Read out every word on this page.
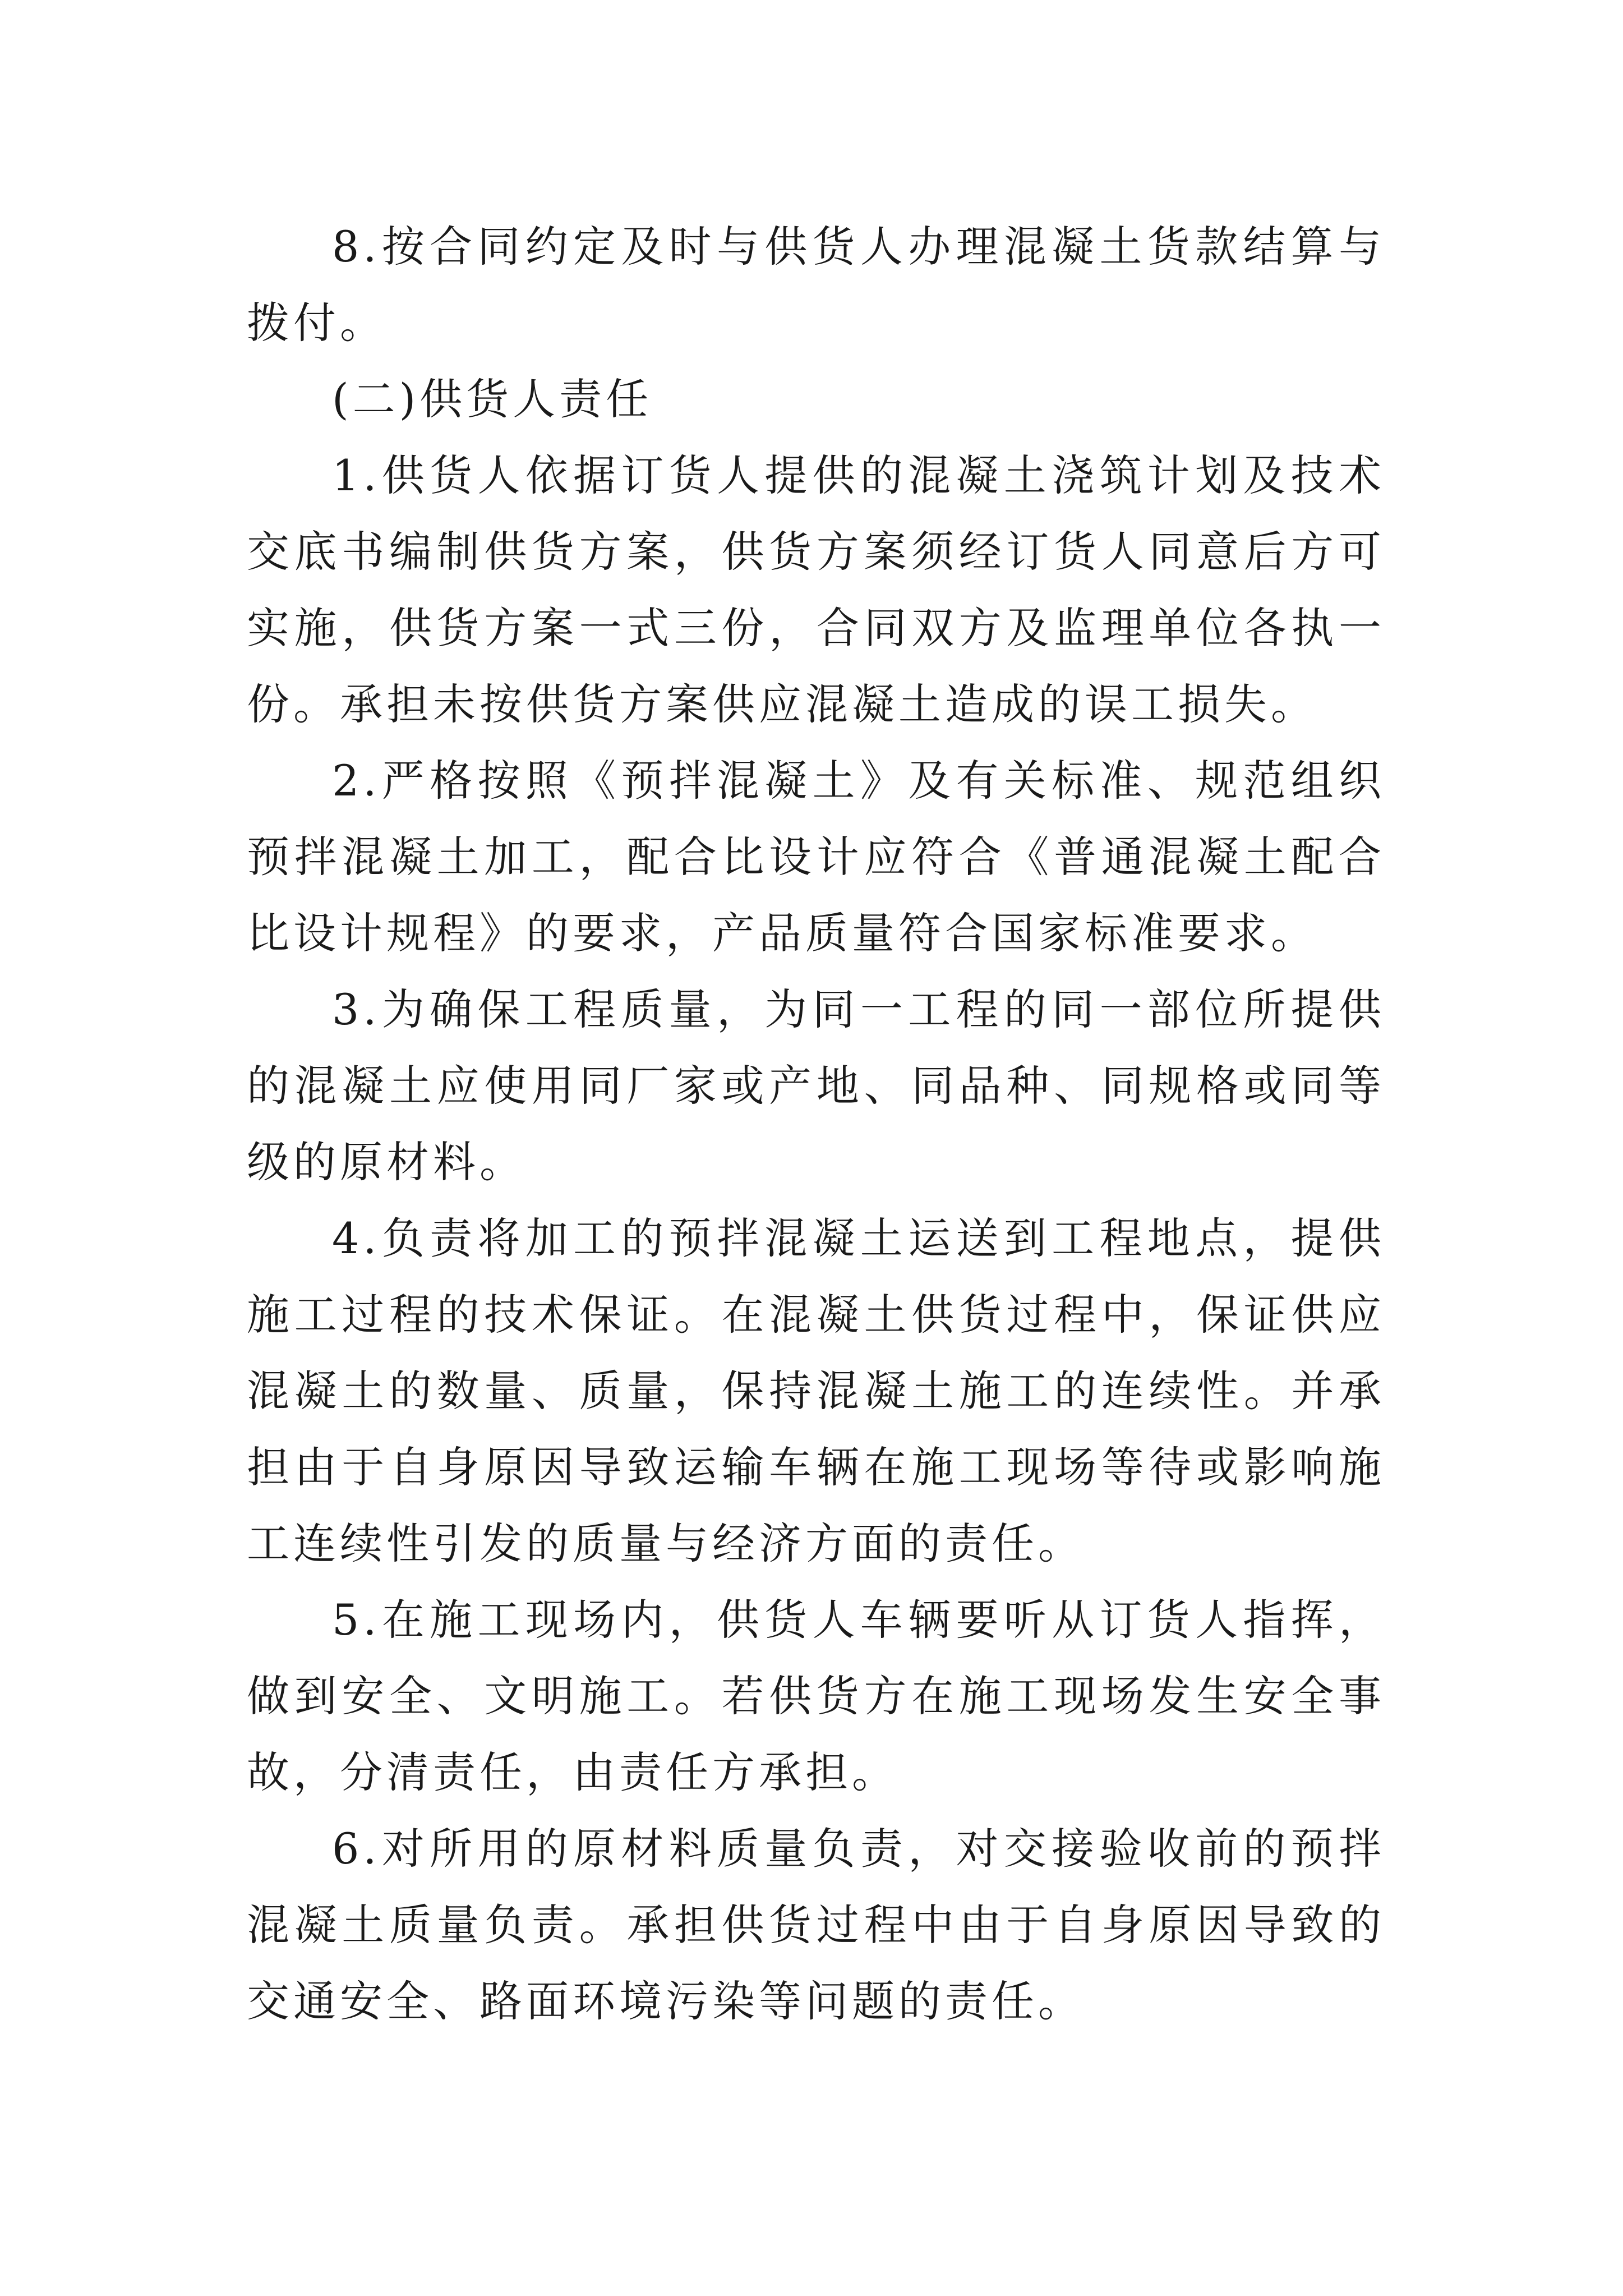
8.按合同约定及时与供货人办理混凝土货款结算与拨付。

(二)供货人责任

1.供货人依据订货人提供的混凝土浇筑计划及技术交底书编制供货方案，供货方案须经订货人同意后方可实施，供货方案一式三份，合同双方及监理单位各执一份。承担未按供货方案供应混凝土造成的误工损失。

2.严格按照《预拌混凝土》及有关标准、规范组织预拌混凝土加工，配合比设计应符合《普通混凝土配合比设计规程》的要求，产品质量符合国家标准要求。

3.为确保工程质量，为同一工程的同一部位所提供的混凝土应使用同厂家或产地、同品种、同规格或同等级的原材料。

4.负责将加工的预拌混凝土运送到工程地点，提供施工过程的技术保证。在混凝土供货过程中，保证供应混凝土的数量、质量，保持混凝土施工的连续性。并承担由于自身原因导致运输车辆在施工现场等待或影响施工连续性引发的质量与经济方面的责任。

5.在施工现场内，供货人车辆要听从订货人指挥，做到安全、文明施工。若供货方在施工现场发生安全事故，分清责任，由责任方承担。

6.对所用的原材料质量负责，对交接验收前的预拌混凝土质量负责。承担供货过程中由于自身原因导致的交通安全、路面环境污染等问题的责任。
